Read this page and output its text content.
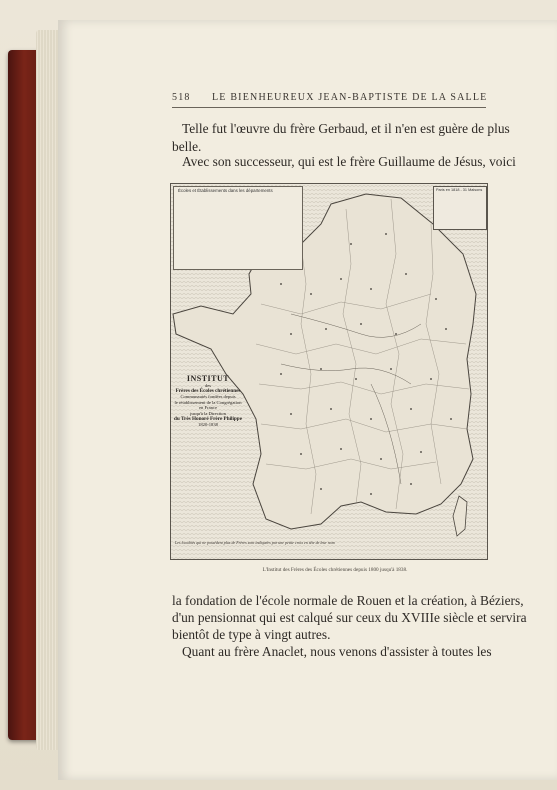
518 LE BIENHEUREUX JEAN-BAPTISTE DE LA SALLE
Telle fut l'œuvre du frère Gerbaud, et il n'en est guère de plus
belle.
Avec son successeur, qui est le frère Guillaume de Jésus, voici
Écoles et Établissements dans les départements	Paris en 1818 - 31 Maisons
INSTITUT
des
Frères des Écoles chrétiennes
Communautés fondées depuis
le rétablissement de la Congrégation en France
jusqu'à la Direction
du Très Honoré Frère Philippe
1820-1838
Les localités qui ne possèdent plus de Frères sont indiquées par une petite croix en tête de leur nom
L'Institut des Frères des Écoles chrétiennes depuis 1800 jusqu'à 1838.
la fondation de l'école normale de Rouen et la création, à Béziers,
d'un pensionnat qui est calqué sur ceux du XVIIIe siècle et servira
bientôt de type à vingt autres.
Quant au frère Anaclet, nous venons d'assister à toutes les
